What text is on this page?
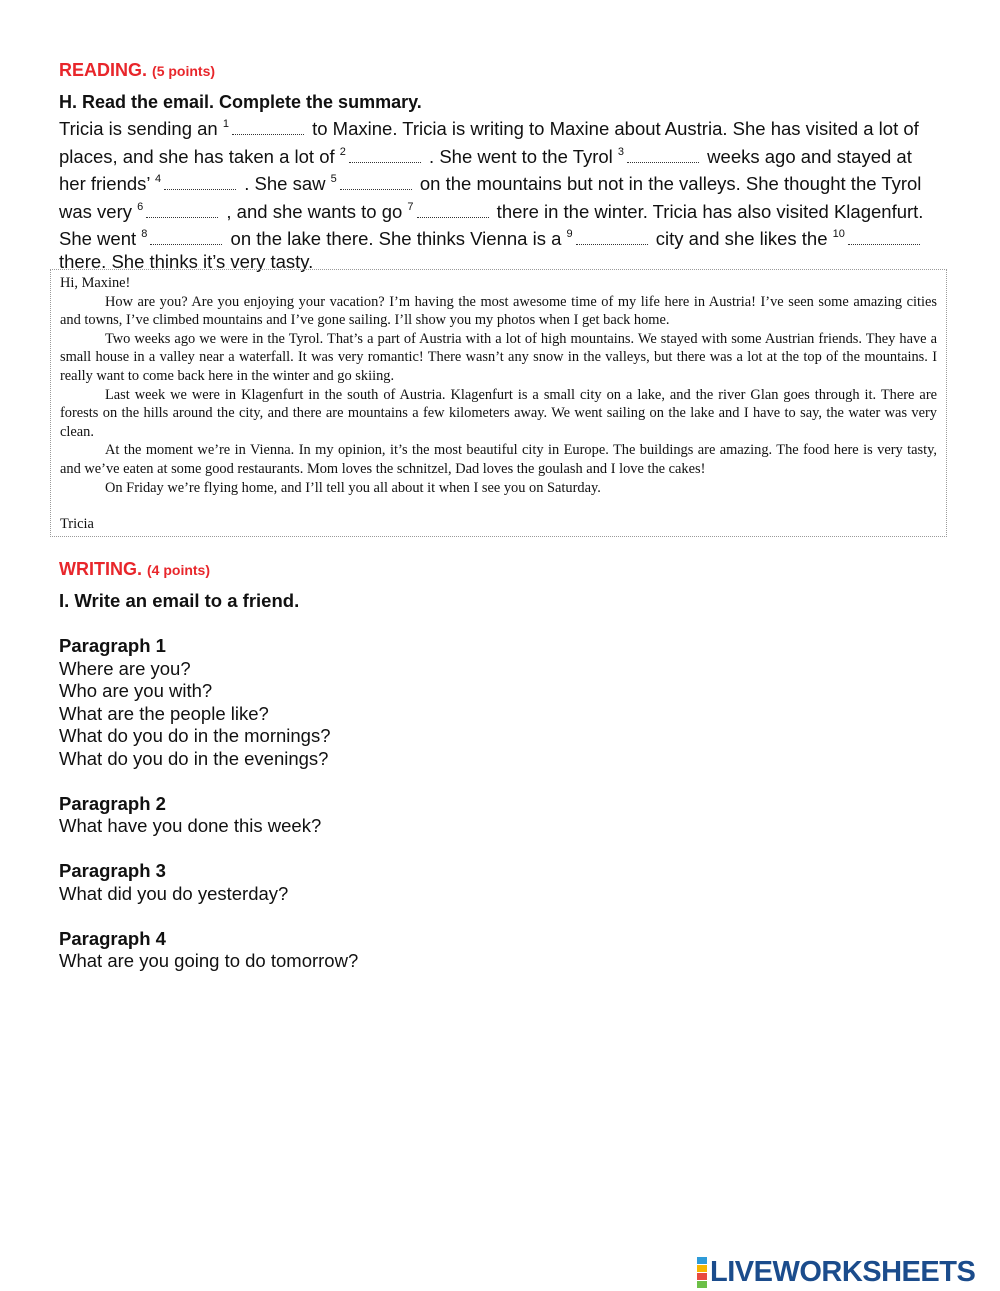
READING. (5 points)
H. Read the email. Complete the summary.
Tricia is sending an $^1$	to Maxine. Tricia is writing to Maxine about Austria. She has visited a lot of places, and she has taken a lot of $^2$	. She went to the Tyrol $^3$	weeks ago and stayed at her friends’ $^4$	. She saw $^5$	on the mountains but not in the valleys. She thought the Tyrol was very $^6$	, and she wants to go $^7$	there in the winter. Tricia has also visited Klagenfurt. She went $^8$	on the lake there. She thinks Vienna is a $^9$	city and she likes the $^{10}$ there. She thinks it’s very tasty.

Hi, Maxine!

How are you? Are you enjoying your vacation? I’m having the most awesome time of my life here in Austria! I’ve seen some amazing cities and towns, I’ve climbed mountains and I’ve gone sailing. I’ll show you my photos when I get back home.

Two weeks ago we were in the Tyrol. That’s a part of Austria with a lot of high mountains. We stayed with some Austrian friends. They have a small house in a valley near a waterfall. It was very romantic! There wasn’t any snow in the valleys, but there was a lot at the top of the mountains. I really want to come back here in the winter and go skiing.

Last week we were in Klagenfurt in the south of Austria. Klagenfurt is a small city on a lake, and the river Glan goes through it. There are forests on the hills around the city, and there are mountains a few kilometers away. We went sailing on the lake and I have to say, the water was very clean.

At the moment we’re in Vienna. In my opinion, it’s the most beautiful city in Europe. The buildings are amazing. The food here is very tasty, and we’ve eaten at some good restaurants. Mom loves the schnitzel, Dad loves the goulash and I love the cakes!

On Friday we’re flying home, and I’ll tell you all about it when I see you on Saturday.

Tricia

WRITING. (4 points)
I. Write an email to a friend.
Paragraph 1
Where are you?
Who are you with?
What are the people like?
What do you do in the mornings?
What do you do in the evenings?
Paragraph 2
What have you done this week?
Paragraph 3
What did you do yesterday?
Paragraph 4
What are you going to do tomorrow?
LIVEWORKSHEETS
